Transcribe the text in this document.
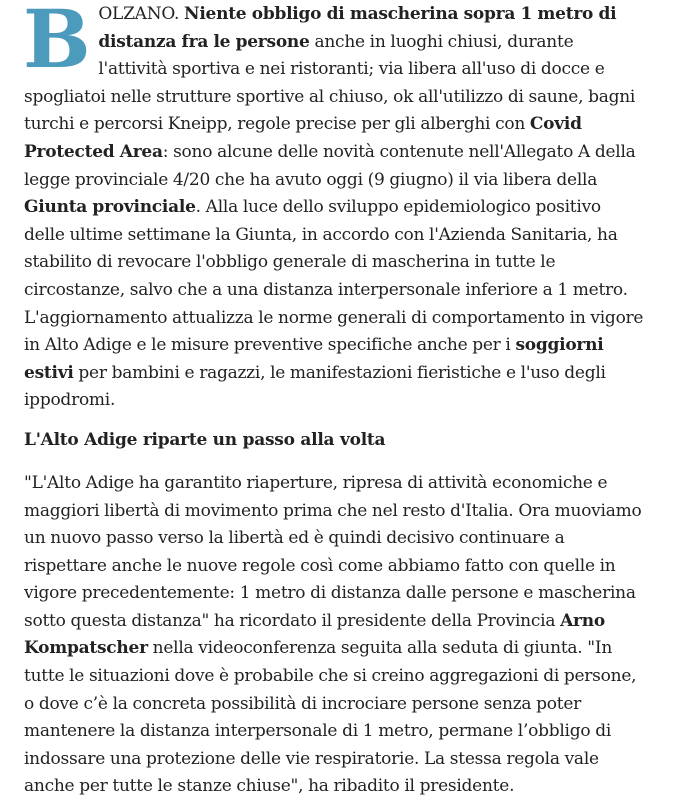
BOLZANO. Niente obbligo di mascherina sopra 1 metro di distanza fra le persone anche in luoghi chiusi, durante l'attività sportiva e nei ristoranti; via libera all'uso di docce e spogliatoi nelle strutture sportive al chiuso, ok all'utilizzo di saune, bagni turchi e percorsi Kneipp, regole precise per gli alberghi con Covid Protected Area: sono alcune delle novità contenute nell'Allegato A della legge provinciale 4/20 che ha avuto oggi (9 giugno) il via libera della Giunta provinciale. Alla luce dello sviluppo epidemiologico positivo delle ultime settimane la Giunta, in accordo con l'Azienda Sanitaria, ha stabilito di revocare l'obbligo generale di mascherina in tutte le circostanze, salvo che a una distanza interpersonale inferiore a 1 metro. L'aggiornamento attualizza le norme generali di comportamento in vigore in Alto Adige e le misure preventive specifiche anche per i soggiorni estivi per bambini e ragazzi, le manifestazioni fieristiche e l'uso degli ippodromi.

L'Alto Adige riparte un passo alla volta

"L'Alto Adige ha garantito riaperture, ripresa di attività economiche e maggiori libertà di movimento prima che nel resto d'Italia. Ora muoviamo un nuovo passo verso la libertà ed è quindi decisivo continuare a rispettare anche le nuove regole così come abbiamo fatto con quelle in vigore precedentemente: 1 metro di distanza dalle persone e mascherina sotto questa distanza" ha ricordato il presidente della Provincia Arno Kompatscher nella videoconferenza seguita alla seduta di giunta. "In tutte le situazioni dove è probabile che si creino aggregazioni di persone, o dove c’è la concreta possibilità di incrociare persone senza poter mantenere la distanza interpersonale di 1 metro, permane l’obbligo di indossare una protezione delle vie respiratorie. La stessa regola vale anche per tutte le stanze chiuse", ha ribadito il presidente.
